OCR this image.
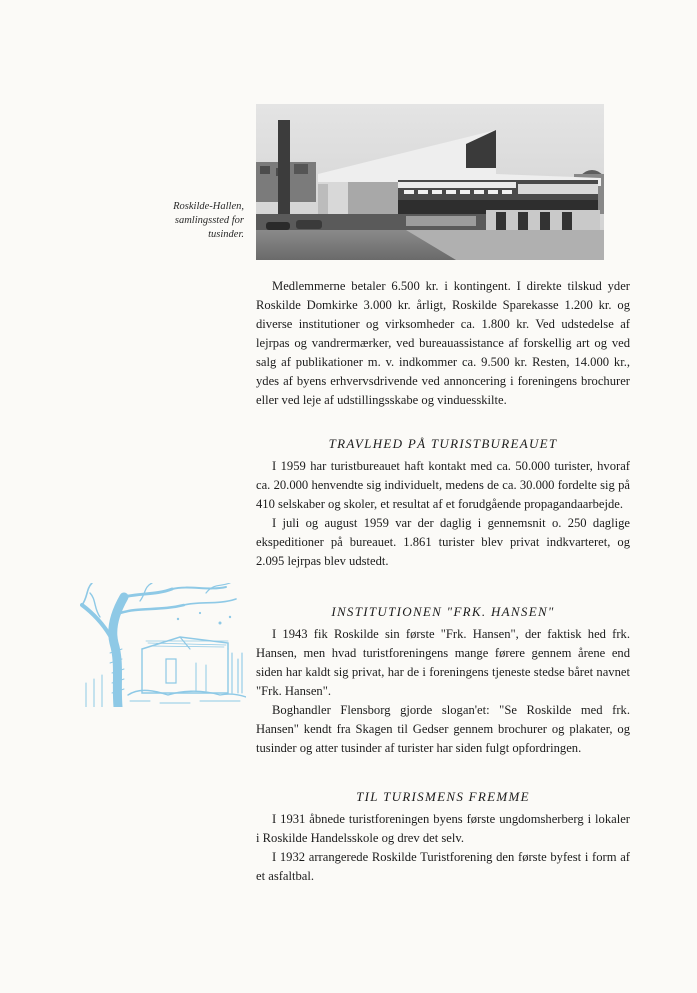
Roskilde-Hallen, samlingssted for tusinder.

Medlemmerne betaler 6.500 kr. i kontingent. I direkte tilskud yder Roskilde Domkirke 3.000 kr. årligt, Roskilde Sparekasse 1.200 kr. og diverse institutioner og virksomheder ca. 1.800 kr. Ved udstedelse af lejrpas og vandrermærker, ved bureauassistance af forskellig art og ved salg af publikationer m. v. indkommer ca. 9.500 kr. Resten, 14.000 kr., ydes af byens erhvervsdrivende ved annoncering i foreningens brochurer eller ved leje af udstillingsskabe og vinduesskilte.

TRAVLHED PÅ TURISTBUREAUET

I 1959 har turistbureauet haft kontakt med ca. 50.000 turister, hvoraf ca. 20.000 henvendte sig individuelt, medens de ca. 30.000 fordelte sig på 410 selskaber og skoler, et resultat af et forudgående propagandaarbejde.

I juli og august 1959 var der daglig i gennemsnit o. 250 daglige ekspeditioner på bureauet. 1.861 turister blev privat indkvarteret, og 2.095 lejrpas blev udstedt.

INSTITUTIONEN "FRK. HANSEN"

I 1943 fik Roskilde sin første "Frk. Hansen", der faktisk hed frk. Hansen, men hvad turistforeningens mange førere gennem årene end siden har kaldt sig privat, har de i foreningens tjeneste stedse båret navnet "Frk. Hansen".

Boghandler Flensborg gjorde slogan'et: "Se Roskilde med frk. Hansen" kendt fra Skagen til Gedser gennem brochurer og plakater, og tusinder og atter tusinder af turister har siden fulgt opfordringen.

TIL TURISMENS FREMME

I 1931 åbnede turistforeningen byens første ungdomsherberg i lokaler i Roskilde Handelsskole og drev det selv.

I 1932 arrangerede Roskilde Turistforening den første byfest i form af et asfaltbal.
